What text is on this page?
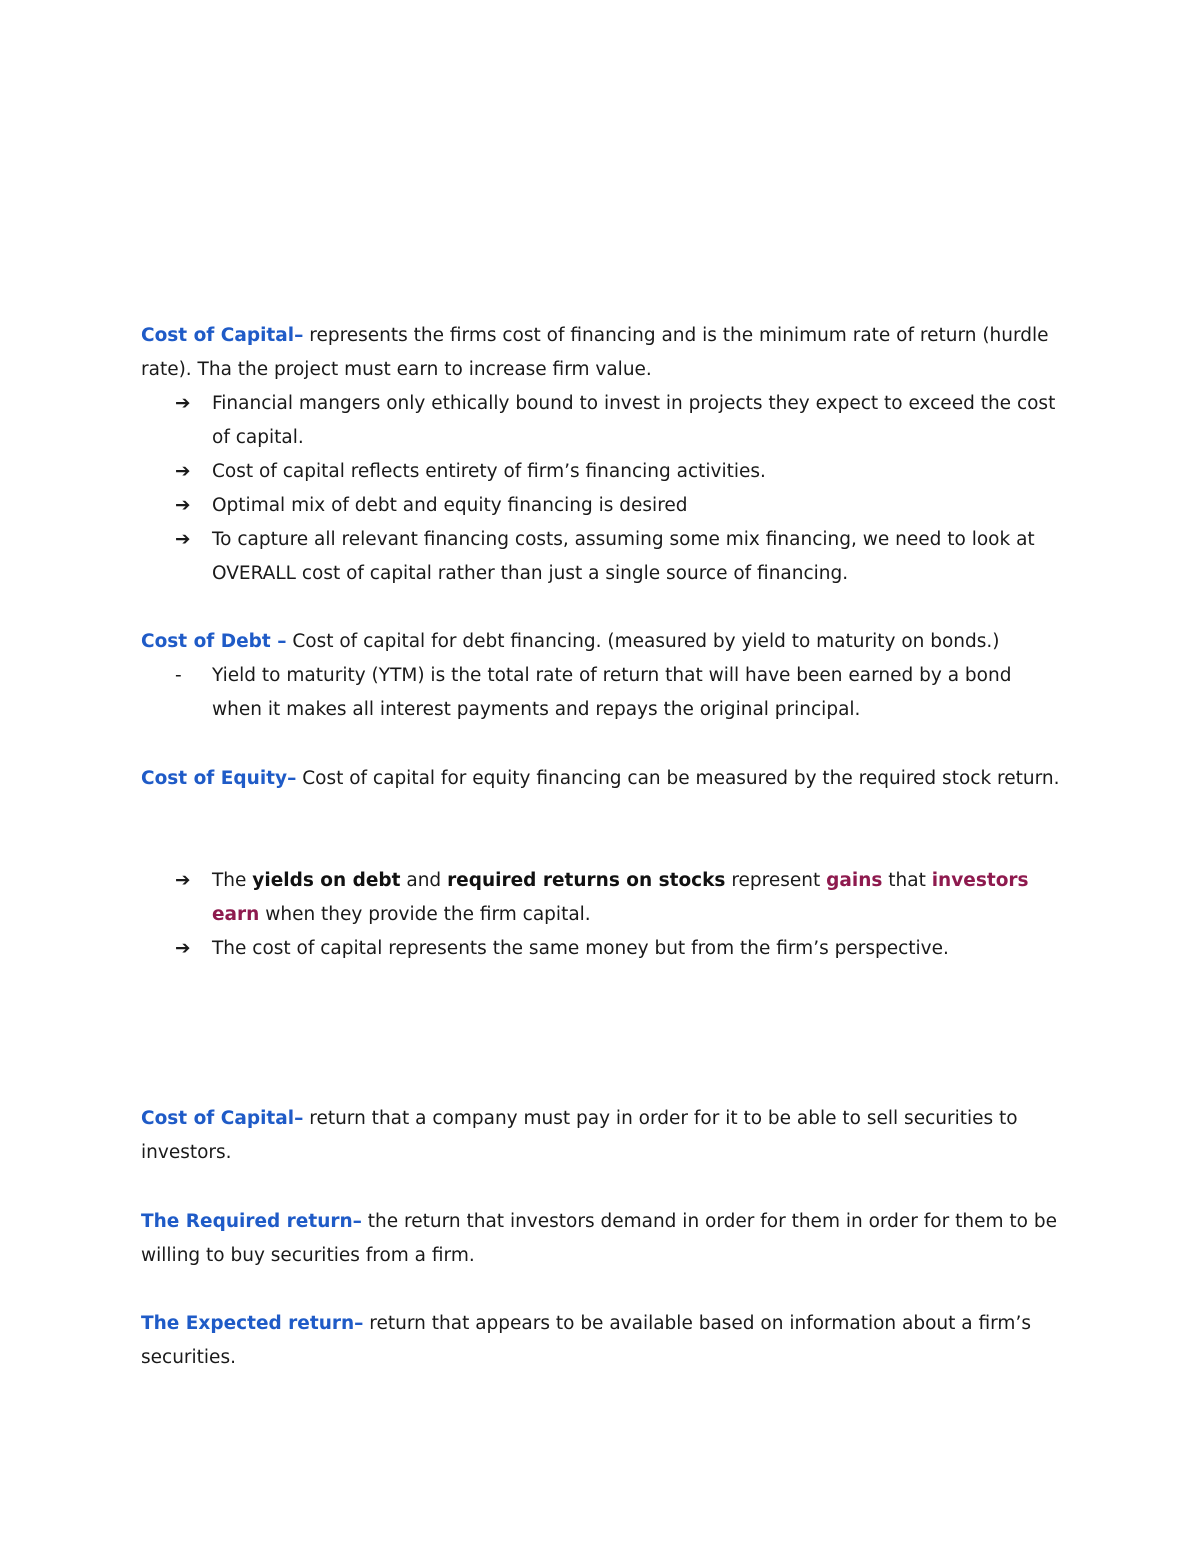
Cost of Capital– represents the firms cost of financing and is the minimum rate of return (hurdle rate). Tha the project must earn to increase firm value.

➔	Financial mangers only ethically bound to invest in projects they expect to exceed the cost of capital.
➔	Cost of capital reflects entirety of firm’s financing activities.
➔	Optimal mix of debt and equity financing is desired
➔	To capture all relevant financing costs, assuming some mix financing, we need to look at OVERALL cost of capital rather than just a single source of financing.

Cost of Debt – Cost of capital for debt financing. (measured by yield to maturity on bonds.)

-	Yield to maturity (YTM) is the total rate of return that will have been earned by a bond when it makes all interest payments and repays the original principal.

Cost of Equity– Cost of capital for equity financing can be measured by the required stock return.

➔	The yields on debt and required returns on stocks represent gains that investors earn when they provide the firm capital.
➔	The cost of capital represents the same money but from the firm’s perspective.

Cost of Capital– return that a company must pay in order for it to be able to sell securities to investors.

The Required return– the return that investors demand in order for them in order for them to be willing to buy securities from a firm.

The Expected return– return that appears to be available based on information about a firm’s securities.
